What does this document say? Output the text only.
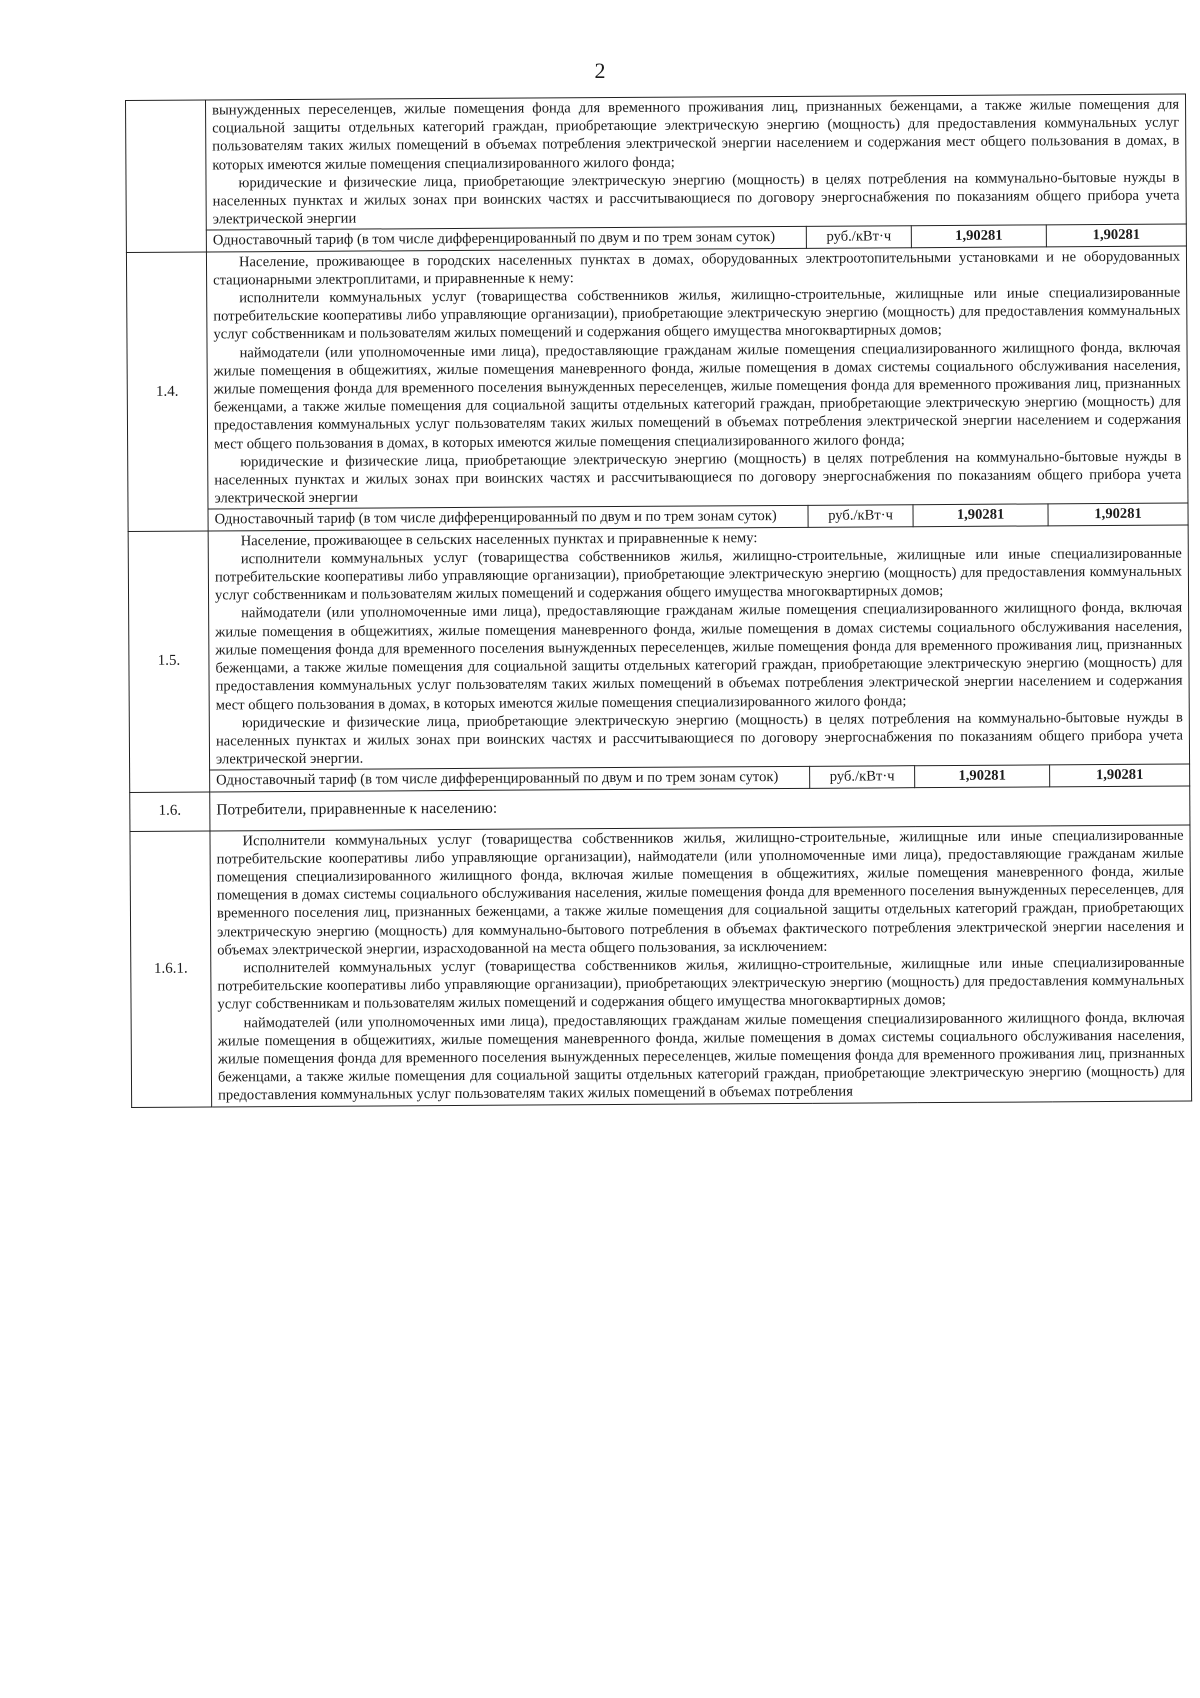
2

	вынужденных переселенцев, жилые помещения фонда для временного проживания лиц, признанных беженцами, а также жилые помещения для социальной защиты отдельных категорий граждан, приобретающие электрическую энергию (мощность) для предоставления коммунальных услуг пользователям таких жилых помещений в объемах потребления электрической энергии населением и содержания мест общего пользования в домах, в которых имеются жилые помещения специализированного жилого фонда;

юридические и физические лица, приобретающие электрическую энергию (мощность) в целях потребления на коммунально-бытовые нужды в населенных пунктах и жилых зонах при воинских частях и рассчитывающиеся по договору энергоснабжения по показаниям общего прибора учета электрической энергии			

	Одноставочный тариф (в том числе дифференцированный по двум и по трем зонам суток)	руб./кВт·ч	1,90281	1,90281
1.4.	Население, проживающее в городских населенных пунктах в домах, оборудованных электроотопительными установками и не оборудованных стационарными электроплитами, и приравненные к нему:

исполнители коммунальных услуг (товарищества собственников жилья, жилищно-строительные, жилищные или иные специализированные потребительские кооперативы либо управляющие организации), приобретающие электрическую энергию (мощность) для предоставления коммунальных услуг собственникам и пользователям жилых помещений и содержания общего имущества многоквартирных домов;

наймодатели (или уполномоченные ими лица), предоставляющие гражданам жилые помещения специализированного жилищного фонда, включая жилые помещения в общежитиях, жилые помещения маневренного фонда, жилые помещения в домах системы социального обслуживания населения, жилые помещения фонда для временного поселения вынужденных переселенцев, жилые помещения фонда для временного проживания лиц, признанных беженцами, а также жилые помещения для социальной защиты отдельных категорий граждан, приобретающие электрическую энергию (мощность) для предоставления коммунальных услуг пользователям таких жилых помещений в объемах потребления электрической энергии населением и содержания мест общего пользования в домах, в которых имеются жилые помещения специализированного жилого фонда;

юридические и физические лица, приобретающие электрическую энергию (мощность) в целях потребления на коммунально-бытовые нужды в населенных пунктах и жилых зонах при воинских частях и рассчитывающиеся по договору энергоснабжения по показаниям общего прибора учета электрической энергии			

	Одноставочный тариф (в том числе дифференцированный по двум и по трем зонам суток)	руб./кВт·ч	1,90281	1,90281
1.5.	Население, проживающее в сельских населенных пунктах и приравненные к нему:

исполнители коммунальных услуг (товарищества собственников жилья, жилищно-строительные, жилищные или иные специализированные потребительские кооперативы либо управляющие организации), приобретающие электрическую энергию (мощность) для предоставления коммунальных услуг собственникам и пользователям жилых помещений и содержания общего имущества многоквартирных домов;

наймодатели (или уполномоченные ими лица), предоставляющие гражданам жилые помещения специализированного жилищного фонда, включая жилые помещения в общежитиях, жилые помещения маневренного фонда, жилые помещения в домах системы социального обслуживания населения, жилые помещения фонда для временного поселения вынужденных переселенцев, жилые помещения фонда для временного проживания лиц, признанных беженцами, а также жилые помещения для социальной защиты отдельных категорий граждан, приобретающие электрическую энергию (мощность) для предоставления коммунальных услуг пользователям таких жилых помещений в объемах потребления электрической энергии населением и содержания мест общего пользования в домах, в которых имеются жилые помещения специализированного жилого фонда;

юридические и физические лица, приобретающие электрическую энергию (мощность) в целях потребления на коммунально-бытовые нужды в населенных пунктах и жилых зонах при воинских частях и рассчитывающиеся по договору энергоснабжения по показаниям общего прибора учета электрической энергии.			

	Одноставочный тариф (в том числе дифференцированный по двум и по трем зонам суток)	руб./кВт·ч	1,90281	1,90281
1.6.	Потребители, приравненные к населению:			
1.6.1.	Исполнители коммунальных услуг (товарищества собственников жилья, жилищно-строительные, жилищные или иные специализированные потребительские кооперативы либо управляющие организации), наймодатели (или уполномоченные ими лица), предоставляющие гражданам жилые помещения специализированного жилищного фонда, включая жилые помещения в общежитиях, жилые помещения маневренного фонда, жилые помещения в домах системы социального обслуживания населения, жилые помещения фонда для временного поселения вынужденных переселенцев, для временного поселения лиц, признанных беженцами, а также жилые помещения для социальной защиты отдельных категорий граждан, приобретающих электрическую энергию (мощность) для коммунально-бытового потребления в объемах фактического потребления электрической энергии населения и объемах электрической энергии, израсходованной на места общего пользования, за исключением:

исполнителей коммунальных услуг (товарищества собственников жилья, жилищно-строительные, жилищные или иные специализированные потребительские кооперативы либо управляющие организации), приобретающих электрическую энергию (мощность) для предоставления коммунальных услуг собственникам и пользователям жилых помещений и содержания общего имущества многоквартирных домов;

наймодателей (или уполномоченных ими лица), предоставляющих гражданам жилые помещения специализированного жилищного фонда, включая жилые помещения в общежитиях, жилые помещения маневренного фонда, жилые помещения в домах системы социального обслуживания населения, жилые помещения фонда для временного поселения вынужденных переселенцев, жилые помещения фонда для временного проживания лиц, признанных беженцами, а также жилые помещения для социальной защиты отдельных категорий граждан, приобретающие электрическую энергию (мощность) для предоставления коммунальных услуг пользователям таких жилых помещений в объемах потребления			
